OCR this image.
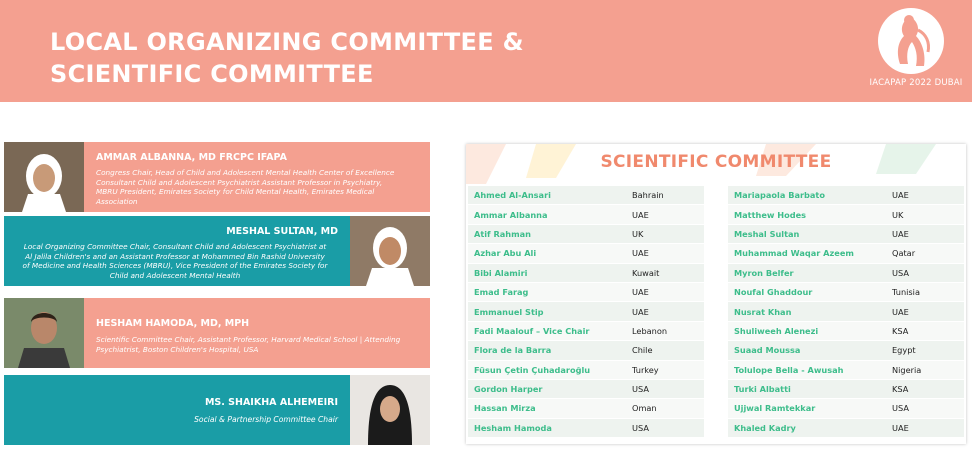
LOCAL ORGANIZING COMMITTEE &
SCIENTIFIC COMMITTEE	IACAPAP 2022 DUBAI
AMMAR ALBANNA, MD FRCPC IFAPA
Congress Chair, Head of Child and Adolescent Mental Health Center of Excellence
Consultant Child and Adolescent Psychiatrist Assistant Professor in Psychiatry,
MBRU President, Emirates Society for Child Mental Health, Emirates Medical
Association
MESHAL SULTAN, MD
Local Organizing Committee Chair, Consultant Child and Adolescent Psychiatrist at
Al Jalila Children's and an Assistant Professor at Mohammed Bin Rashid University
of Medicine and Health Sciences (MBRU), Vice President of the Emirates Society for
Child and Adolescent Mental Health
HESHAM HAMODA, MD, MPH
Scientific Committee Chair, Assistant Professor, Harvard Medical School | Attending
Psychiatrist, Boston Children's Hospital, USA
MS. SHAIKHA ALHEMEIRI
Social & Partnership Committee Chair
SCIENTIFIC COMMITTEE
Ahmed Al-Ansari	Bahrain
Ammar Albanna	UAE
Atif Rahman	UK
Azhar Abu Ali	UAE
Bibi Alamiri	Kuwait
Emad Farag	UAE
Emmanuel Stip	UAE
Fadi Maalouf – Vice Chair	Lebanon
Flora de la Barra	Chile
Füsun Çetin Çuhadaroğlu	Turkey
Gordon Harper	USA
Hassan Mirza	Oman
Hesham Hamoda	USA
Mariapaola Barbato	UAE
Matthew Hodes	UK
Meshal Sultan	UAE
Muhammad Waqar Azeem	Qatar
Myron Belfer	USA
Noufal Ghaddour	Tunisia
Nusrat Khan	UAE
Shuliweeh Alenezi	KSA
Suaad Moussa	Egypt
Tolulope Bella - Awusah	Nigeria
Turki Albatti	KSA
Ujjwal Ramtekkar	USA
Khaled Kadry	UAE
